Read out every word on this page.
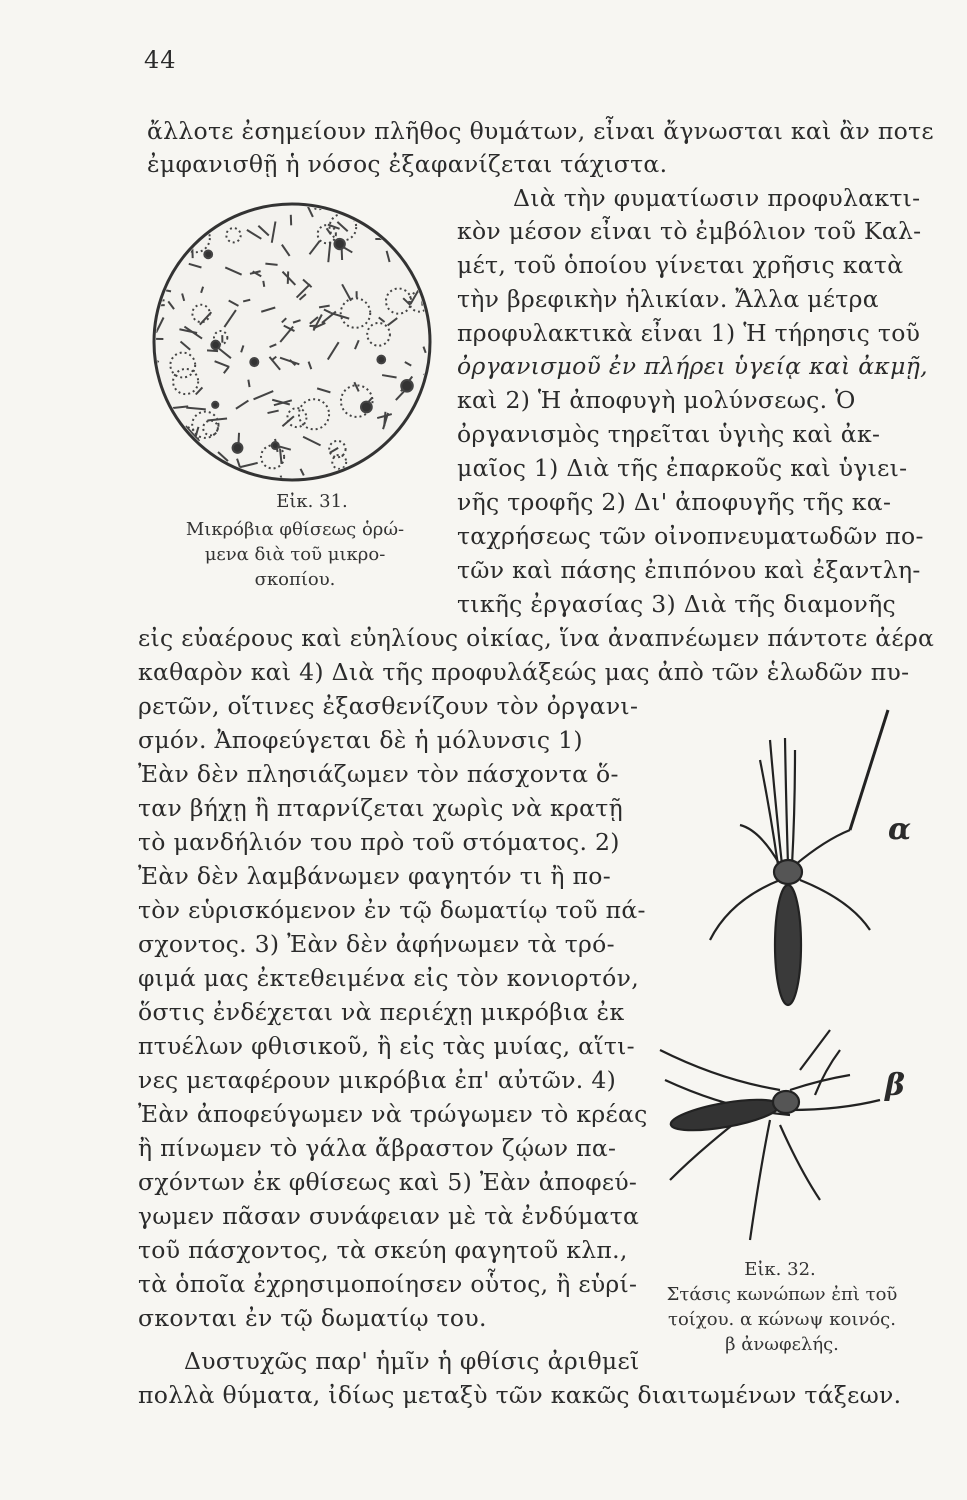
44
ἄλλοτε ἐσημείουν πλῆθος θυμάτων, εἶναι ἄγνωσται καὶ ἂν ποτε
ἐμφανισθῇ ἡ νόσος ἐξαφανίζεται τάχιστα.
Διὰ τὴν φυματίωσιν προφυλακτι-
κὸν μέσον εἶναι τὸ ἐμβόλιον τοῦ Καλ-
μέτ, τοῦ ὁποίου γίνεται χρῆσις κατὰ
τὴν βρεφικὴν ἡλικίαν. Ἄλλα μέτρα
προφυλακτικὰ εἶναι 1) Ἡ τήρησις τοῦ
ὀργανισμοῦ ἐν πλήρει ὑγείᾳ καὶ ἀκμῇ,
καὶ 2) Ἡ ἀποφυγὴ μολύνσεως. Ὁ
ὀργανισμὸς τηρεῖται ὑγιὴς καὶ ἀκ-
μαῖος 1) Διὰ τῆς ἐπαρκοῦς καὶ ὑγιει-
νῆς τροφῆς 2) Δι' ἀποφυγῆς τῆς κα-
ταχρήσεως τῶν οἰνοπνευματωδῶν πο-
τῶν καὶ πάσης ἐπιπόνου καὶ ἐξαντλη-
τικῆς ἐργασίας 3) Διὰ τῆς διαμονῆς
εἰς εὐαέρους καὶ εὐηλίους οἰκίας, ἵνα ἀναπνέωμεν πάντοτε ἀέρα
καθαρὸν καὶ 4) Διὰ τῆς προφυλάξεώς μας ἀπὸ τῶν ἑλωδῶν πυ-
ρετῶν, οἵτινες ἐξασθενίζουν τὸν ὀργανι-
σμόν. Ἀποφεύγεται δὲ ἡ μόλυνσις 1)
Ἐὰν δὲν πλησιάζωμεν τὸν πάσχοντα ὅ-
ταν βήχῃ ἢ πταρνίζεται χωρὶς νὰ κρατῇ
τὸ μανδήλιόν του πρὸ τοῦ στόματος. 2)
Ἐὰν δὲν λαμβάνωμεν φαγητόν τι ἢ πο-
τὸν εὑρισκόμενον ἐν τῷ δωματίῳ τοῦ πά-
σχοντος. 3) Ἐὰν δὲν ἀφήνωμεν τὰ τρό-
φιμά μας ἐκτεθειμένα εἰς τὸν κονιορτόν,
ὅστις ἐνδέχεται νὰ περιέχῃ μικρόβια ἐκ
πτυέλων φθισικοῦ, ἢ εἰς τὰς μυίας, αἵτι-
νες μεταφέρουν μικρόβια ἐπ' αὐτῶν. 4)
Ἐὰν ἀποφεύγωμεν νὰ τρώγωμεν τὸ κρέας
ἢ πίνωμεν τὸ γάλα ἄβραστον ζῴων πα-
σχόντων ἐκ φθίσεως καὶ 5) Ἐὰν ἀποφεύ-
γωμεν πᾶσαν συνάφειαν μὲ τὰ ἐνδύματα
τοῦ πάσχοντος, τὰ σκεύη φαγητοῦ κλπ.,
τὰ ὁποῖα ἐχρησιμοποίησεν οὗτος, ἢ εὑρί-
σκονται ἐν τῷ δωματίῳ του.
Δυστυχῶς παρ' ἡμῖν ἡ φθίσις ἀριθμεῖ
πολλὰ θύματα, ἰδίως μεταξὺ τῶν κακῶς διαιτωμένων τάξεων.
Εἰκ. 31.
Μικρόβια φθίσεως ὁρώ-
μενα διὰ τοῦ μικρο-
σκοπίου.
α
β
Εἰκ. 32.
Στάσις κωνώπων ἐπὶ τοῦ
τοίχου. α κώνωψ κοινός.
β ἀνωφελής.
